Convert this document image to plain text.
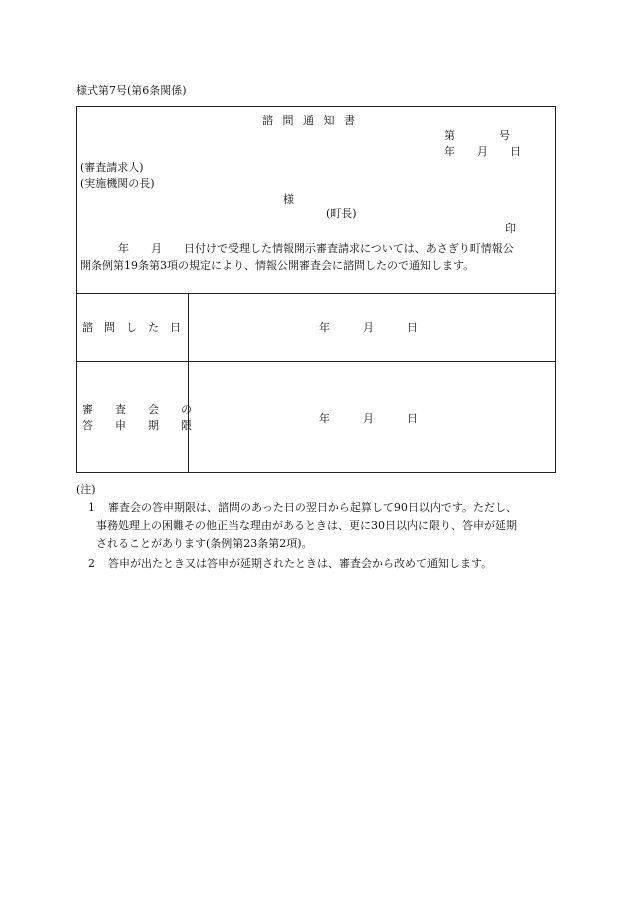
様式第7号(第6条関係)
諮 問 通 知 書
第　　　　号
年　　月　　日
(審査請求人)
(実施機関の長)
様
(町長)
印
年　　月　　日付けで受理した情報開示審査請求については、あさぎり町情報公
開条例第19条第3項の規定により、情報公開審査会に諮問したので通知します。
諮　問　し　た　日	年　　　月　　　日
審　　査　　会　　の
答　　申　　期　　限
年　　　月　　　日
(注)
1 審査会の答申期限は、諮問のあった日の翌日から起算して90日以内です。ただし、
事務処理上の困難その他正当な理由があるときは、更に30日以内に限り、答申が延期
されることがあります(条例第23条第2項)。
2 答申が出たとき又は答申が延期されたときは、審査会から改めて通知します。
